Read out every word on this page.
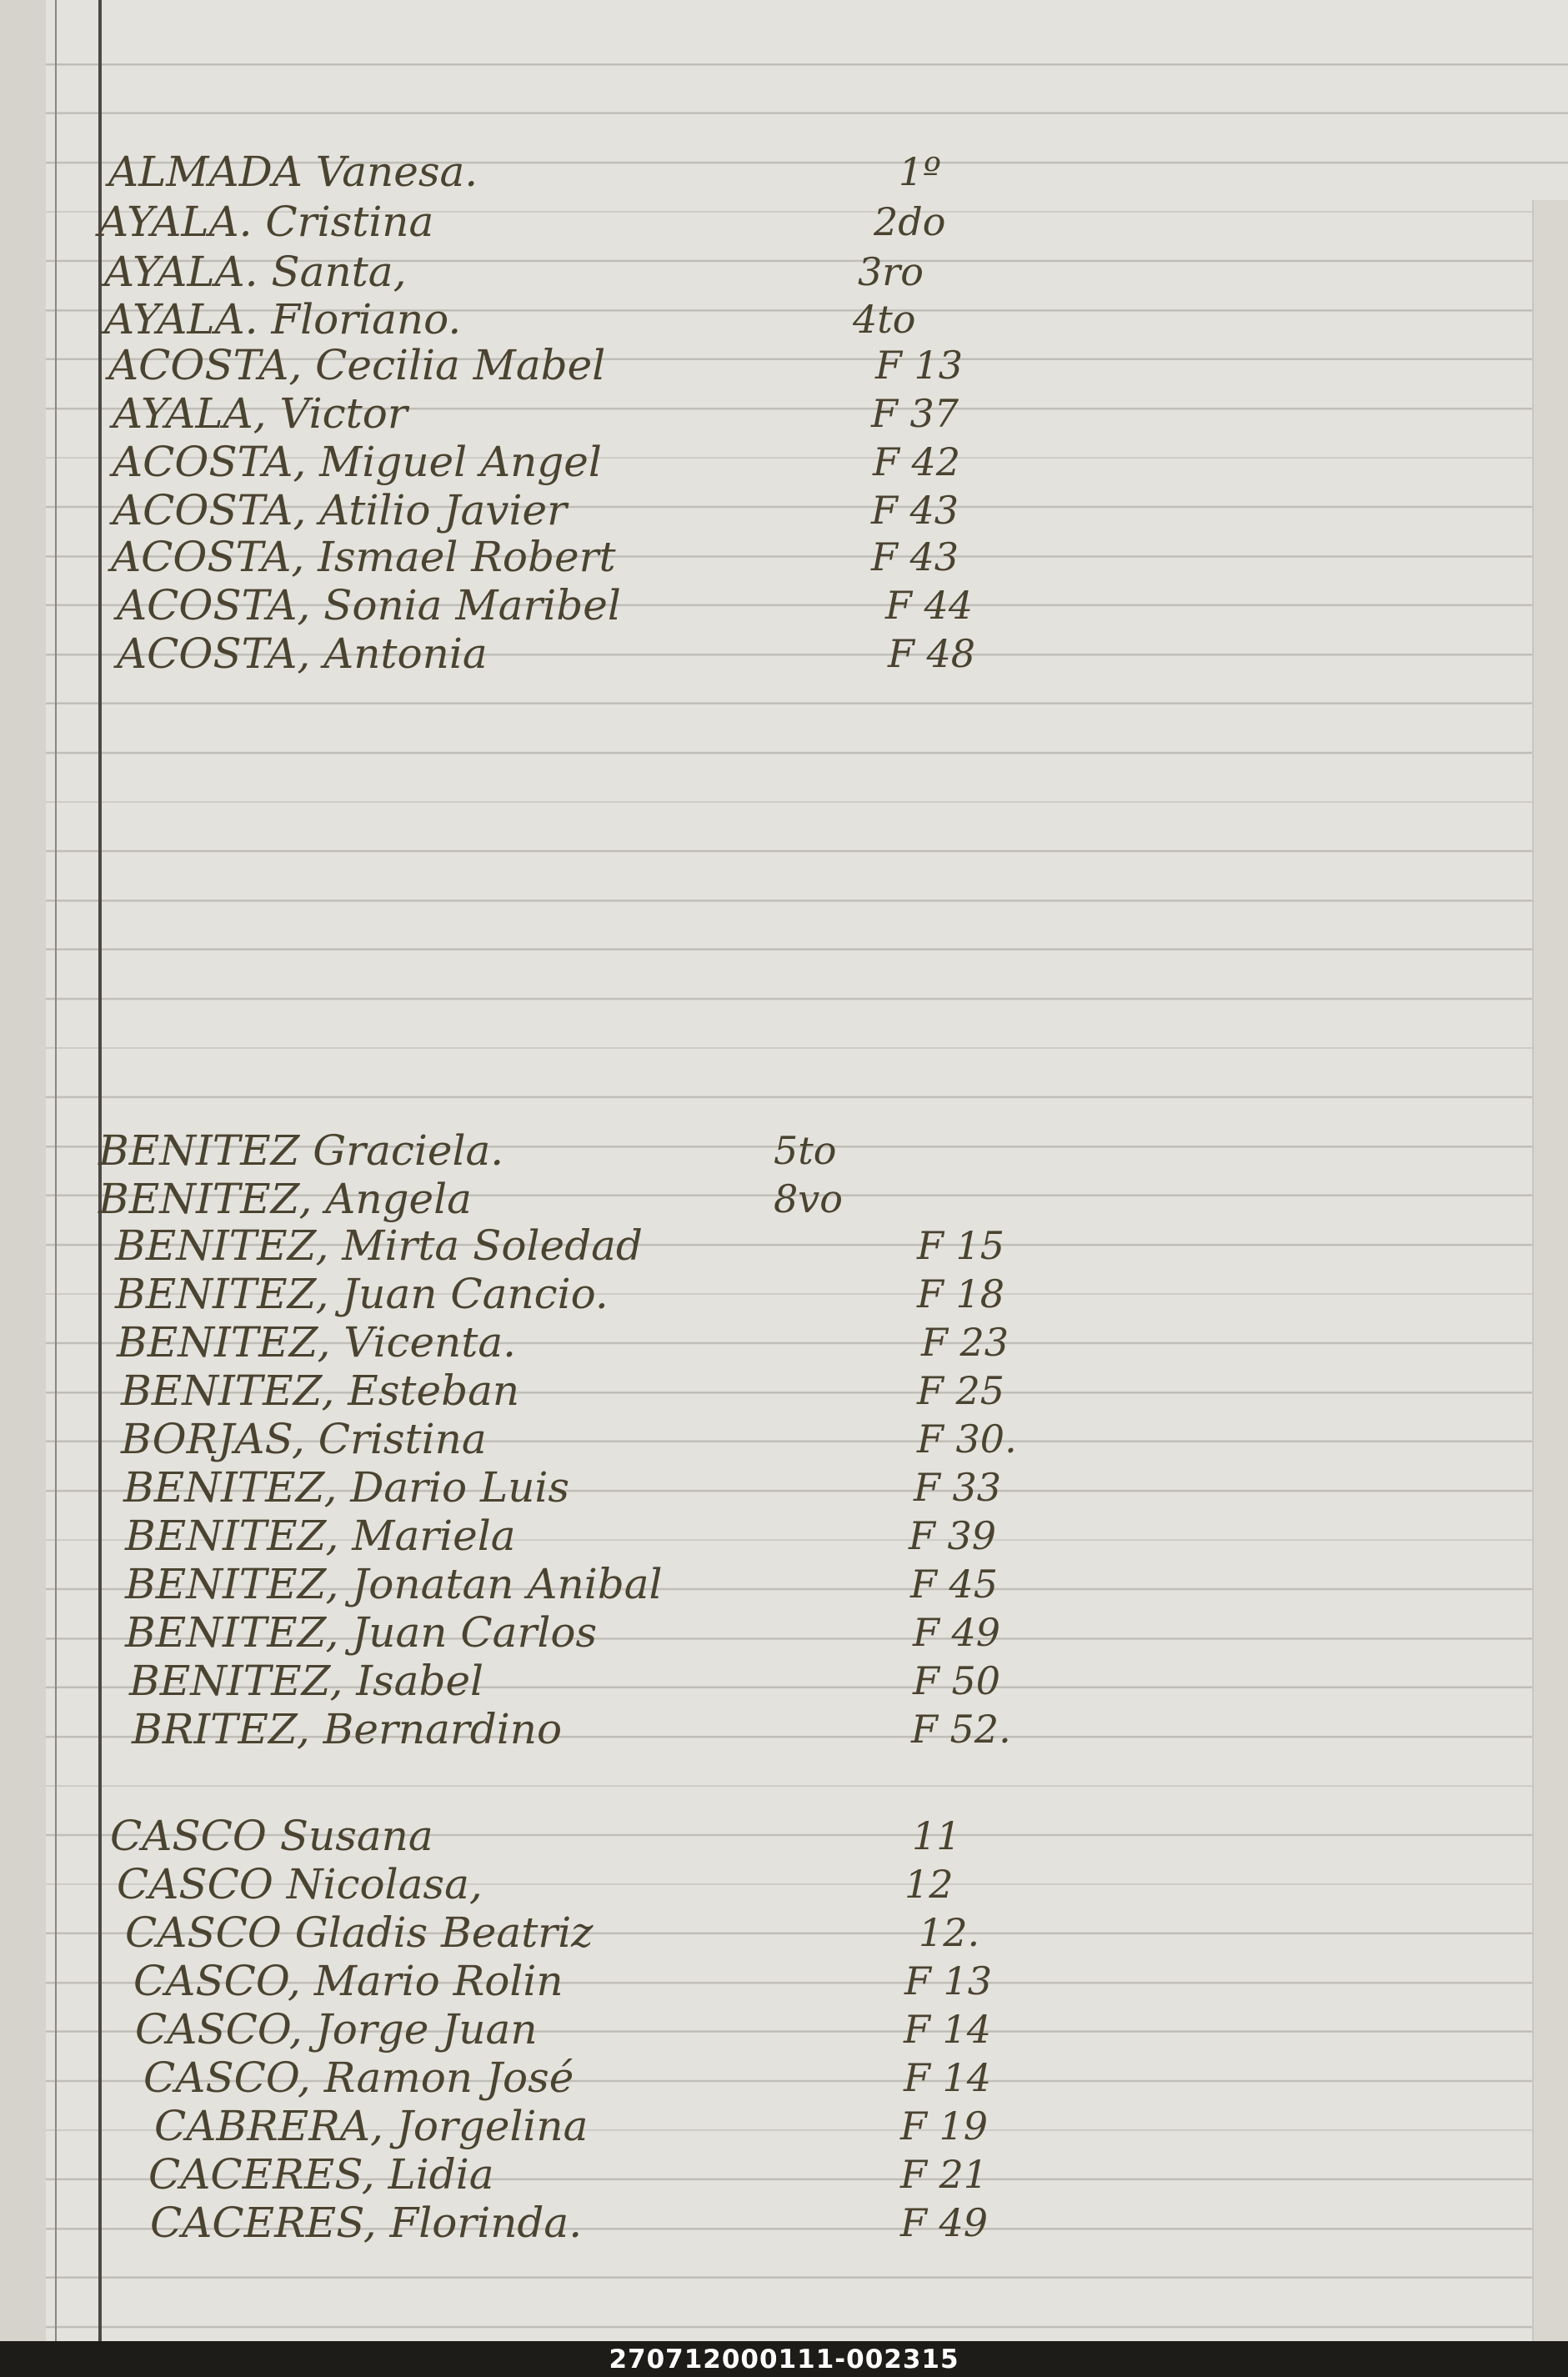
ALMADA Vanesa.	1º
AYALA. Cristina	2do
AYALA. Santa,	3ro
AYALA. Floriano.	4to
ACOSTA, Cecilia Mabel	F 13
AYALA, Victor	F 37
ACOSTA, Miguel Angel	F 42
ACOSTA, Atilio Javier	F 43
ACOSTA, Ismael Robert	F 43
ACOSTA, Sonia Maribel	F 44
ACOSTA, Antonia	F 48
BENITEZ Graciela.	5to
BENITEZ, Angela	8vo
BENITEZ, Mirta Soledad	F 15
BENITEZ, Juan Cancio.	F 18
BENITEZ, Vicenta.	F 23
BENITEZ, Esteban	F 25
BORJAS, Cristina	F 30.
BENITEZ, Dario Luis	F 33
BENITEZ, Mariela	F 39
BENITEZ, Jonatan Anibal	F 45
BENITEZ, Juan Carlos	F 49
BENITEZ, Isabel	F 50
BRITEZ, Bernardino	F 52.
CASCO Susana	11
CASCO Nicolasa,	12
CASCO Gladis Beatriz	12.
CASCO, Mario Rolin	F 13
CASCO, Jorge Juan	F 14
CASCO, Ramon José	F 14
CABRERA, Jorgelina	F 19
CACERES, Lidia	F 21
CACERES, Florinda.	F 49
270712000111-002315
